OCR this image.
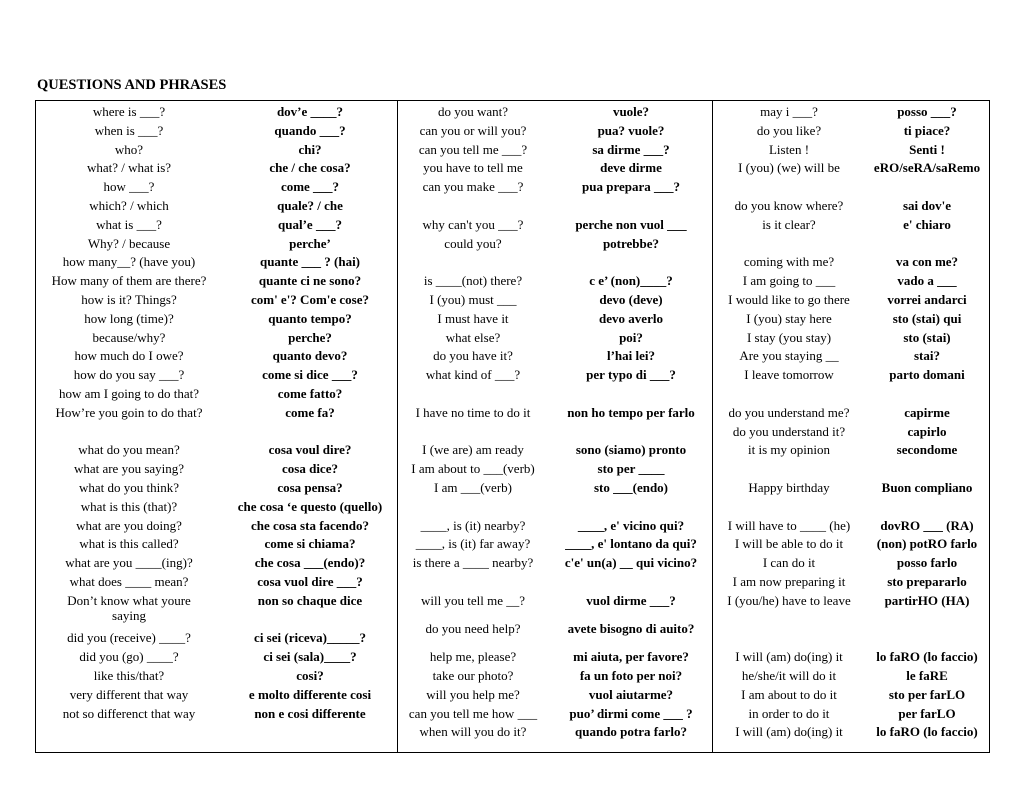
QUESTIONS AND PHRASES
where is ___?
when is ___?
who?
what? / what is?
how ___?
which? / which
what is ___?
Why? / because
how many__? (have you)
How many of them are there?
how is it? Things?
how long (time)?
because/why?
how much do I owe?
how do you say ___?
how am I going to do that?
How’re you goin to do that?
what do you mean?
what are you saying?
what do you think?
what is this (that)?
what are you doing?
what is this called?
what are you ____(ing)?
what does ____ mean?
Don’t know what youre saying
did you (receive) ____?
did you (go) ____?
like this/that?
very different that way
not so differenct that way
dov’e ____?
quando ___?
chi?
che / che cosa?
come ___?
quale? / che
qual’e ___?
perche’
quante ___ ? (hai)
quante ci ne sono?
com' e'? Com'e cose?
quanto tempo?
perche?
quanto devo?
come si dice ___?
come fatto?
come fa?
cosa voul dire?
cosa dice?
cosa pensa?
che cosa ‘e questo (quello)
che cosa sta facendo?
come si chiama?
che cosa ___(endo)?
cosa vuol dire ___?
non so chaque dice
ci sei (riceva)_____?
ci sei (sala)____?
cosi?
e molto differente cosi
non e cosi differente
do you want?
can you or will you?
can you tell me ___?
you have to tell me
can you make ___?
why can't you ___?
could you?
is ____(not) there?
I (you) must ___
I must have it
what else?
do you have it?
what kind of ___?
I have no time to do it
I (we are) am ready
I am about to ___(verb)
I am ___(verb)
____, is (it) nearby?
____, is (it) far away?
is there a ____ nearby?
will you tell me __?
do you need help?
help me, please?
take our photo?
will you help me?
can you tell me how ___
when will you do it?
vuole?
pua? vuole?
sa dirme ___?
deve dirme
pua prepara ___?
perche non vuol ___
potrebbe?
c e’ (non)____?
devo (deve)
devo averlo
poi?
l’hai lei?
per typo di ___?
non ho tempo per farlo
sono (siamo) pronto
sto per ____
sto ___(endo)
____, e' vicino qui?
____, e' lontano da qui?
c'e' un(a) __ qui vicino?
vuol dirme ___?
avete bisogno di auito?
mi aiuta, per favore?
fa un foto per noi?
vuol aiutarme?
puo’ dirmi come ___ ?
quando potra farlo?
may i ___?
do you like?
Listen !
I (you) (we) will be
do you know where?
is it clear?
coming with me?
I am going to ___
I would like to go there
I (you) stay here
I stay (you stay)
Are you staying __
I leave tomorrow
do you understand me?
do you understand it?
it is my opinion
Happy birthday
I will have to ____ (he)
I will be able to do it
I can do it
I am now preparing it
I (you/he) have to leave
I will (am) do(ing) it
he/she/it will do it
I am about to do it
in order to do it
I will (am) do(ing) it
posso ___?
ti piace?
Senti !
eRO/seRA/saRemo
sai dov'e
e' chiaro
va con me?
vado a ___
vorrei andarci
sto (stai) qui
sto (stai)
stai?
parto domani
capirme
capirlo
secondome
Buon compliano
dovRO ___ (RA)
(non) potRO farlo
posso farlo
sto prepararlo
partirHO (HA)
lo faRO (lo faccio)
le faRE
sto per farLO
per farLO
lo faRO (lo faccio)
